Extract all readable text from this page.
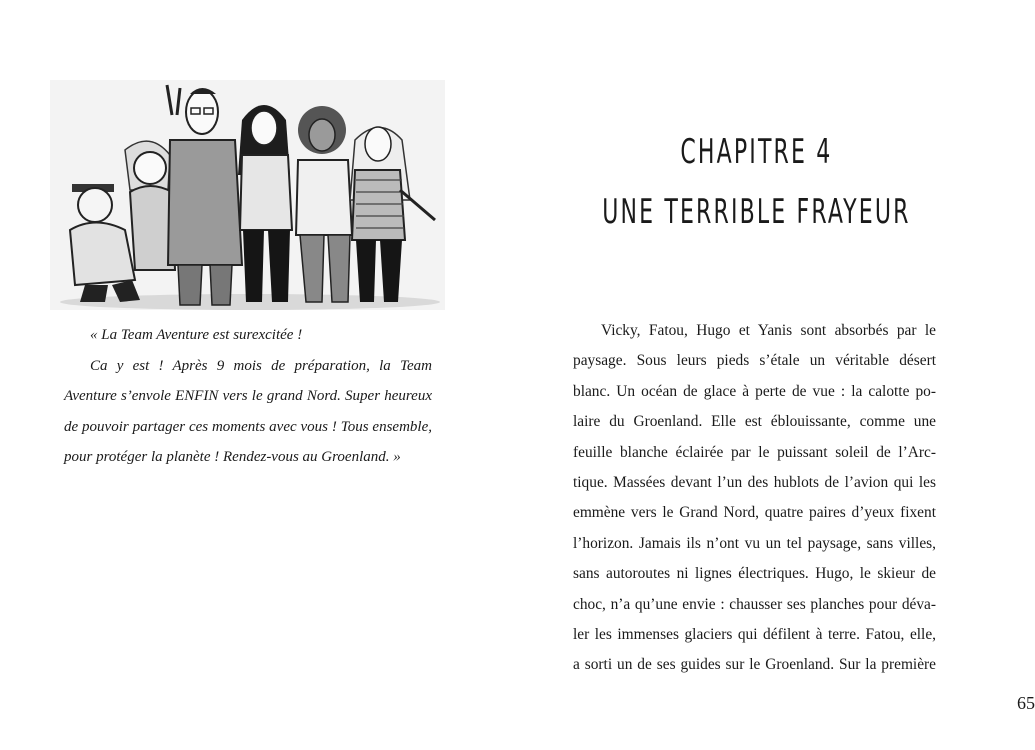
« La Team Aventure est surexcitée !

Ca y est ! Après 9 mois de préparation, la Team Aventure s’envole ENFIN vers le grand Nord. Super heureux de pouvoir partager ces moments avec vous ! Tous ensemble, pour protéger la planète ! Rendez-vous au Groenland. »

CHAPITRE 4
UNE TERRIBLE FRAYEUR
Vicky, Fatou, Hugo et Yanis sont absorbés par le
paysage. Sous leurs pieds s’étale un véritable désert
blanc. Un océan de glace à perte de vue : la calotte po-
laire du Groenland. Elle est éblouissante, comme une
feuille blanche éclairée par le puissant soleil de l’Arc-
tique. Massées devant l’un des hublots de l’avion qui les
emmène vers le Grand Nord, quatre paires d’yeux fixent
l’horizon. Jamais ils n’ont vu un tel paysage, sans villes,
sans autoroutes ni lignes électriques. Hugo, le skieur de
choc, n’a qu’une envie : chausser ses planches pour déva-
ler les immenses glaciers qui défilent à terre. Fatou, elle,
a sorti un de ses guides sur le Groenland. Sur la première
65
